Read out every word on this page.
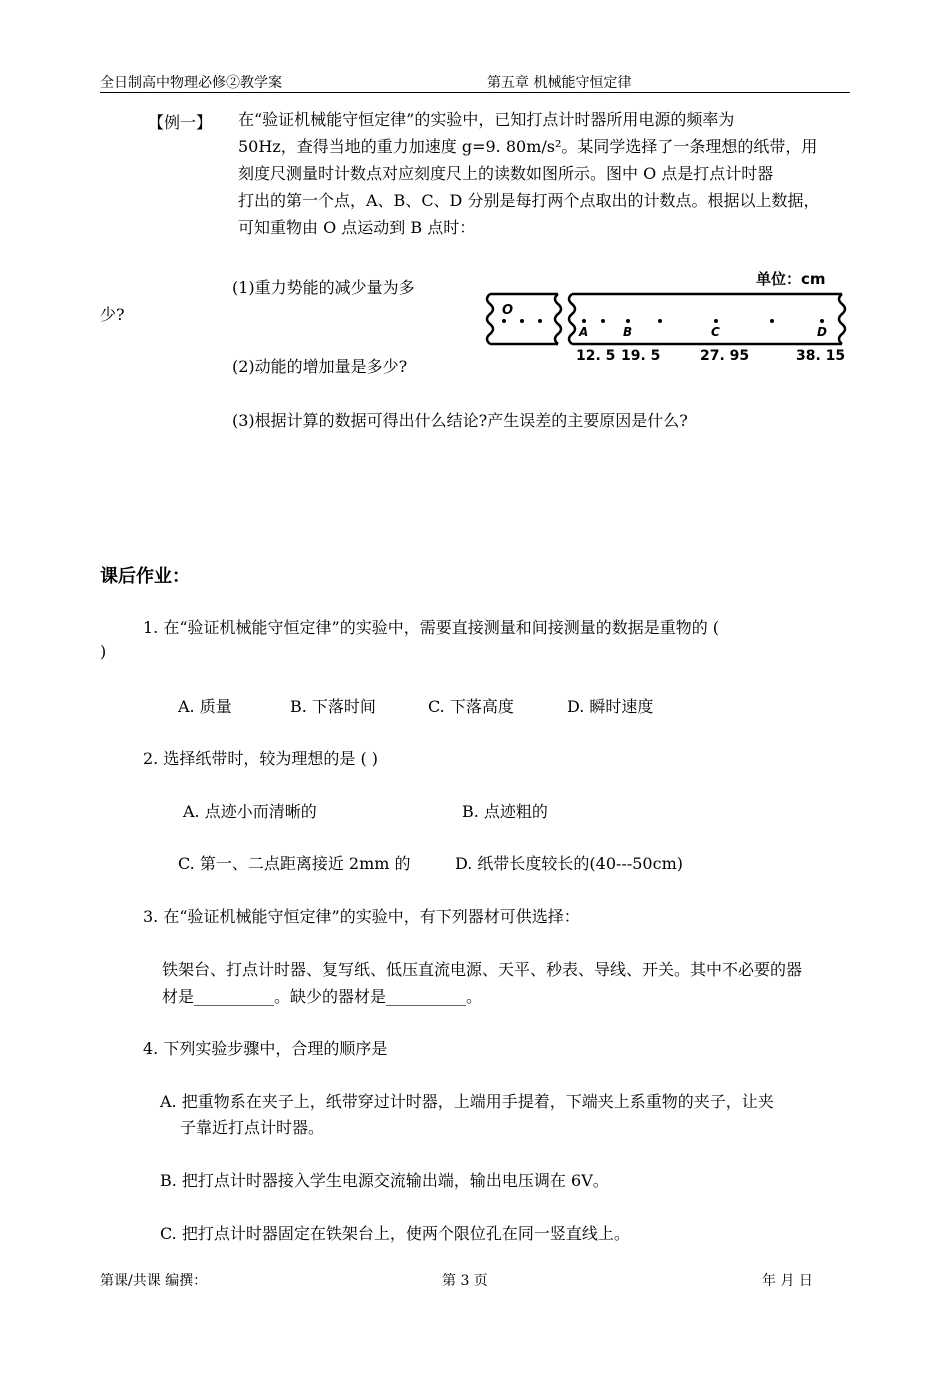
全日制高中物理必修②教学案	第五章 机械能守恒定律
【例一】 在“验证机械能守恒定律”的实验中，已知打点计时器所用电源的频率为
50Hz，查得当地的重力加速度 g=9. 80m/s²。某同学选择了一条理想的纸带，用
刻度尺测量时计数点对应刻度尺上的读数如图所示。图中 O 点是打点计时器
打出的第一个点，A、B、C、D 分别是每打两个点取出的计数点。根据以上数据，
可知重物由 O 点运动到 B 点时：
(1)重力势能的减少量为多
少?
(2)动能的增加量是多少?
(3)根据计算的数据可得出什么结论?产生误差的主要原因是什么?
单位：cm
O
A	B	C	D
12. 5 19. 5	27. 95	38. 15
课后作业：
1. 在“验证机械能守恒定律”的实验中，需要直接测量和间接测量的数据是重物的 (
)
A. 质量	B. 下落时间	C. 下落高度	D. 瞬时速度
2. 选择纸带时，较为理想的是 ( )
A. 点迹小而清晰的	B. 点迹粗的
C. 第一、二点距离接近 2mm 的	D. 纸带长度较长的(40---50cm)
3. 在“验证机械能守恒定律”的实验中，有下列器材可供选择：
铁架台、打点计时器、复写纸、低压直流电源、天平、秒表、导线、开关。其中不必要的器
材是__________。缺少的器材是__________。
4. 下列实验步骤中，合理的顺序是
A. 把重物系在夹子上，纸带穿过计时器，上端用手提着，下端夹上系重物的夹子，让夹
子靠近打点计时器。
B. 把打点计时器接入学生电源交流输出端，输出电压调在 6V。
C. 把打点计时器固定在铁架台上，使两个限位孔在同一竖直线上。
第课/共课 编撰：	第 3 页	年 月 日
